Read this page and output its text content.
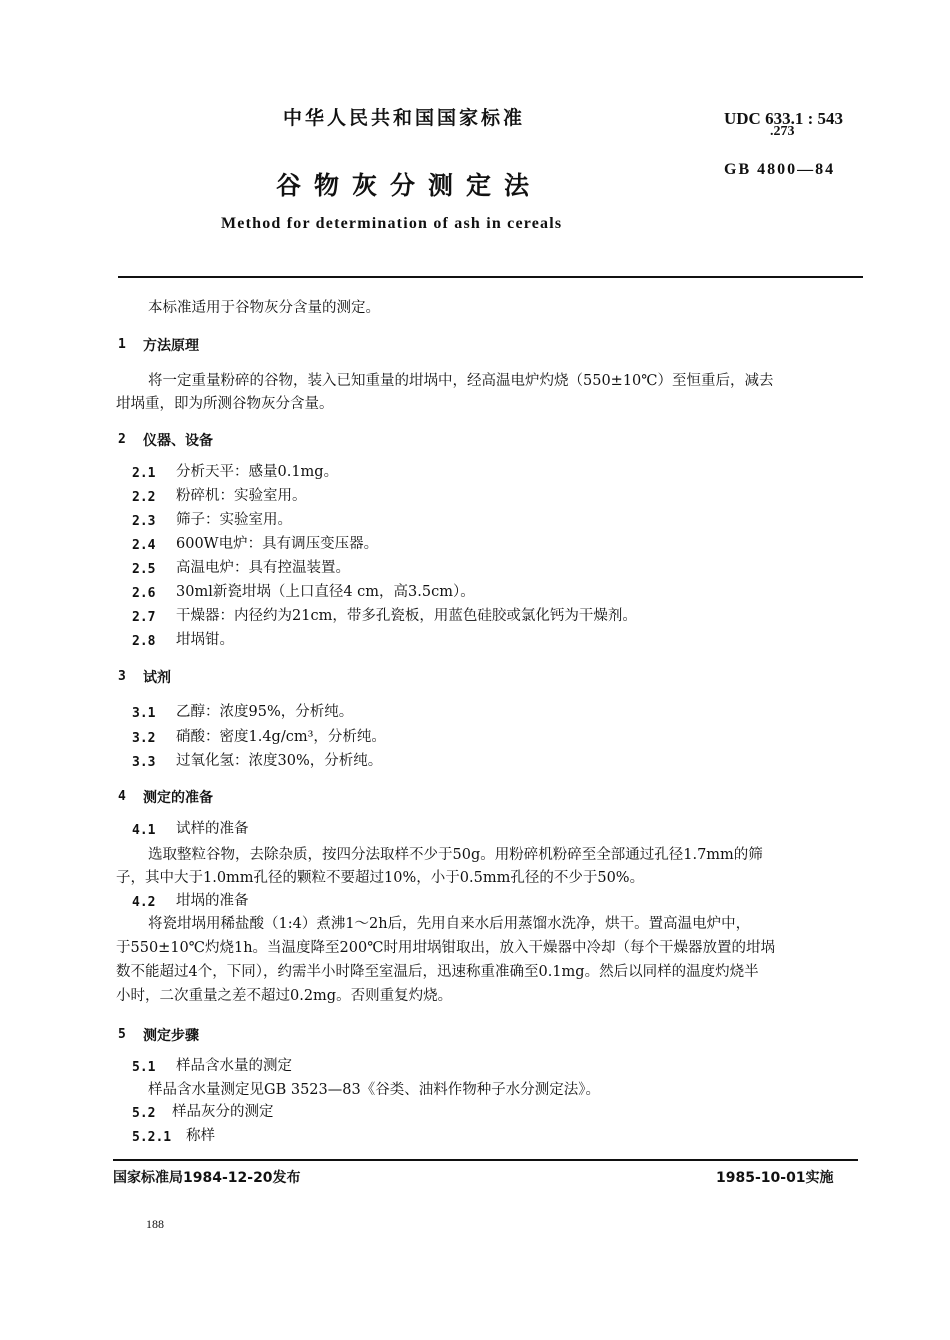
中华人民共和国国家标准	UDC 633.1 : 543
.273
GB 4800—84
谷物灰分测定法
Method for determination of ash in cereals
本标准适用于谷物灰分含量的测定。
1 方法原理
将一定重量粉碎的谷物，装入已知重量的坩埚中，经高温电炉灼烧（550±10℃）至恒重后，减去
坩埚重，即为所测谷物灰分含量。
2 仪器、设备
2.1 分析天平：感量0.1mg。
2.2 粉碎机：实验室用。
2.3 筛子：实验室用。
2.4 600W电炉：具有调压变压器。
2.5 高温电炉：具有控温装置。
2.6 30ml新瓷坩埚（上口直径4 cm，高3.5cm）。
2.7 干燥器：内径约为21cm，带多孔瓷板，用蓝色硅胶或氯化钙为干燥剂。
2.8 坩埚钳。
3 试剂
3.1 乙醇：浓度95%，分析纯。
3.2 硝酸：密度1.4g/cm³，分析纯。
3.3 过氧化氢：浓度30%，分析纯。
4 测定的准备
4.1 试样的准备
选取整粒谷物，去除杂质，按四分法取样不少于50g。用粉碎机粉碎至全部通过孔径1.7mm的筛
子，其中大于1.0mm孔径的颗粒不要超过10%，小于0.5mm孔径的不少于50%。
4.2 坩埚的准备
将瓷坩埚用稀盐酸（1:4）煮沸1～2h后，先用自来水后用蒸馏水洗净，烘干。置高温电炉中，
于550±10℃灼烧1h。当温度降至200℃时用坩埚钳取出，放入干燥器中冷却（每个干燥器放置的坩埚
数不能超过4个，下同），约需半小时降至室温后，迅速称重准确至0.1mg。然后以同样的温度灼烧半
小时，二次重量之差不超过0.2mg。否则重复灼烧。
5 测定步骤
5.1 样品含水量的测定
样品含水量测定见GB 3523—83《谷类、油料作物种子水分测定法》。
5.2 样品灰分的测定
5.2.1 称样
国家标准局1984-12-20发布	1985-10-01实施
188
